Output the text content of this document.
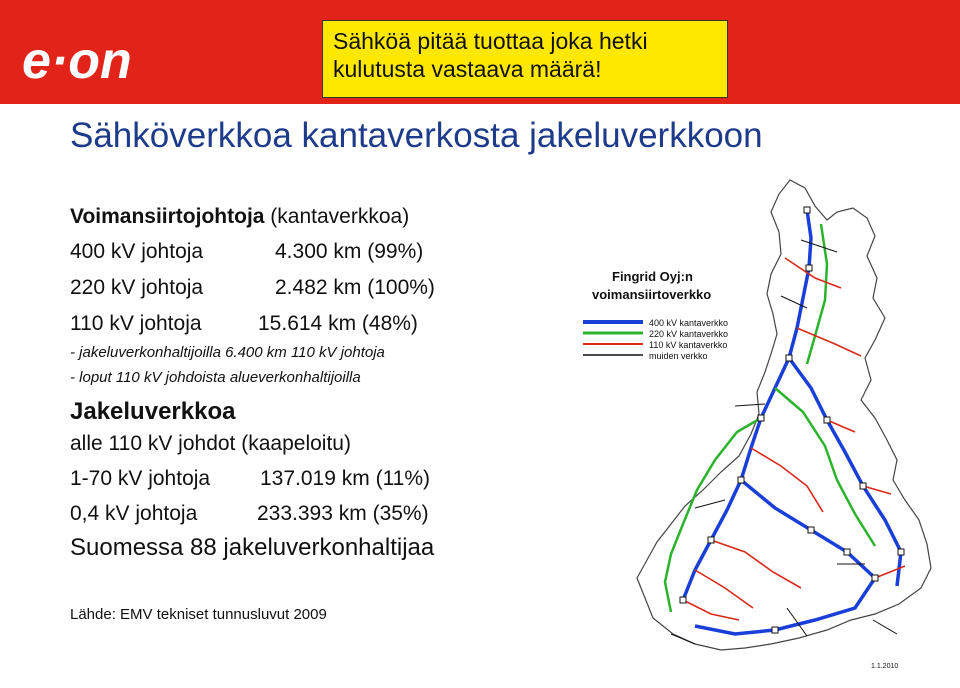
e·on	Sähköä pitää tuottaa joka hetki
kulutusta vastaava määrä!
Sähköverkkoa kantaverkosta jakeluverkkoon
Voimansiirtojohtoja (kantaverkkoa)
400 kV johtoja	4.300 km (99%)
220 kV johtoja	2.482 km (100%)
110 kV johtoja	15.614 km (48%)
- jakeluverkonhaltijoilla 6.400 km 110 kV johtoja
- loput 110 kV johdoista alueverkonhaltijoilla
Jakeluverkkoa
alle 110 kV johdot (kaapeloitu)
1-70 kV johtoja 137.019 km (11%)
0,4 kV johtoja	233.393 km (35%)
Suomessa 88 jakeluverkonhaltijaa
Lähde: EMV tekniset tunnusluvut 2009
Fingrid Oyj:n
voimansiirtoverkko
400 kV kantaverkko
220 kV kantaverkko
110 kV kantaverkko
muiden verkko
1.1.2010
